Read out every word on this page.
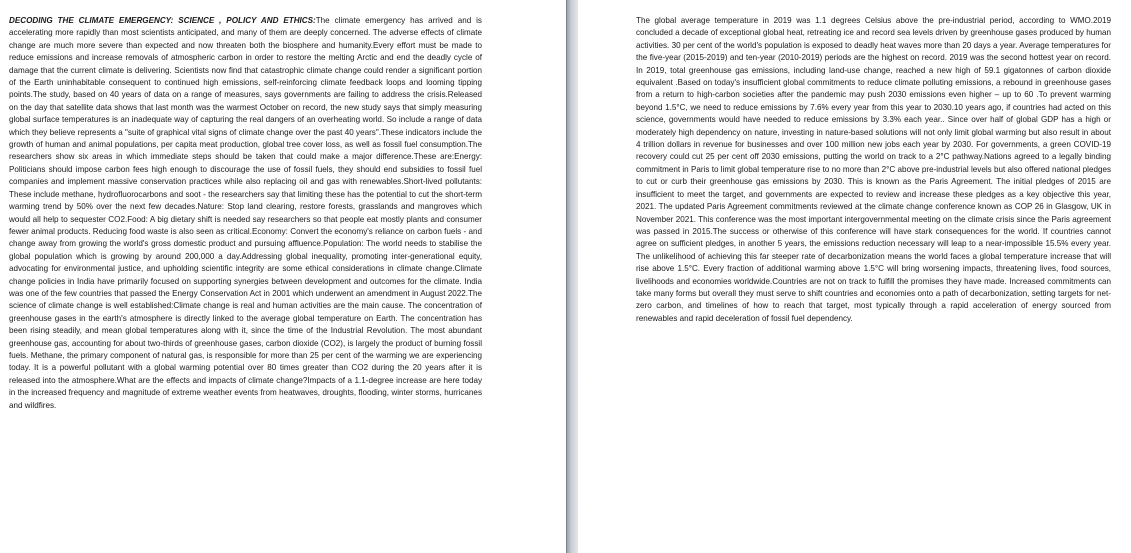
DECODING THE CLIMATE EMERGENCY: SCIENCE , POLICY AND ETHICS:The climate emergency has arrived and is accelerating more rapidly than most scientists anticipated, and many of them are deeply concerned. The adverse effects of climate change are much more severe than expected and now threaten both the biosphere and humanity.Every effort must be made to reduce emissions and increase removals of atmospheric carbon in order to restore the melting Arctic and end the deadly cycle of damage that the current climate is delivering. Scientists now find that catastrophic climate change could render a significant portion of the Earth uninhabitable consequent to continued high emissions, self-reinforcing climate feedback loops and looming tipping points.The study, based on 40 years of data on a range of measures, says governments are failing to address the crisis.Released on the day that satellite data shows that last month was the warmest October on record, the new study says that simply measuring global surface temperatures is an inadequate way of capturing the real dangers of an overheating world. So include a range of data which they believe represents a "suite of graphical vital signs of climate change over the past 40 years".These indicators include the growth of human and animal populations, per capita meat production, global tree cover loss, as well as fossil fuel consumption.The researchers show six areas in which immediate steps should be taken that could make a major difference.These are:Energy: Politicians should impose carbon fees high enough to discourage the use of fossil fuels, they should end subsidies to fossil fuel companies and implement massive conservation practices while also replacing oil and gas with renewables.Short-lived pollutants: These include methane, hydrofluorocarbons and soot - the researchers say that limiting these has the potential to cut the short-term warming trend by 50% over the next few decades.Nature: Stop land clearing, restore forests, grasslands and mangroves which would all help to sequester CO2.Food: A big dietary shift is needed say researchers so that people eat mostly plants and consumer fewer animal products. Reducing food waste is also seen as critical.Economy: Convert the economy's reliance on carbon fuels - and change away from growing the world's gross domestic product and pursuing affluence.Population: The world needs to stabilise the global population which is growing by around 200,000 a day.Addressing global inequality, promoting inter-generational equity, advocating for environmental justice, and upholding scientific integrity are some ethical considerations in climate change.Climate change policies in India have primarily focused on supporting synergies between development and outcomes for the climate. India was one of the few countries that passed the Energy Conservation Act in 2001 which underwent an amendment in August 2022.The science of climate change is well established:Climate change is real and human activities are the main cause. The concentration of greenhouse gases in the earth's atmosphere is directly linked to the average global temperature on Earth. The concentration has been rising steadily, and mean global temperatures along with it, since the time of the Industrial Revolution. The most abundant greenhouse gas, accounting for about two-thirds of greenhouse gases, carbon dioxide (CO2), is largely the product of burning fossil fuels. Methane, the primary component of natural gas, is responsible for more than 25 per cent of the warming we are experiencing today. It is a powerful pollutant with a global warming potential over 80 times greater than CO2 during the 20 years after it is released into the atmosphere.What are the effects and impacts of climate change?Impacts of a 1.1-degree increase are here today in the increased frequency and magnitude of extreme weather events from heatwaves, droughts, flooding, winter storms, hurricanes and wildfires.

The global average temperature in 2019 was 1.1 degrees Celsius above the pre-industrial period, according to WMO.2019 concluded a decade of exceptional global heat, retreating ice and record sea levels driven by greenhouse gases produced by human activities. 30 per cent of the world's population is exposed to deadly heat waves more than 20 days a year. Average temperatures for the five-year (2015-2019) and ten-year (2010-2019) periods are the highest on record. 2019 was the second hottest year on record. In 2019, total greenhouse gas emissions, including land-use change, reached a new high of 59.1 gigatonnes of carbon dioxide equivalent .Based on today's insufficient global commitments to reduce climate polluting emissions, a rebound in greenhouse gases from a return to high-carbon societies after the pandemic may push 2030 emissions even higher – up to 60 .To prevent warming beyond 1.5°C, we need to reduce emissions by 7.6% every year from this year to 2030.10 years ago, if countries had acted on this science, governments would have needed to reduce emissions by 3.3% each year.. Since over half of global GDP has a high or moderately high dependency on nature, investing in nature-based solutions will not only limit global warming but also result in about 4 trillion dollars in revenue for businesses and over 100 million new jobs each year by 2030. For governments, a green COVID-19 recovery could cut 25 per cent off 2030 emissions, putting the world on track to a 2°C pathway.Nations agreed to a legally binding commitment in Paris to limit global temperature rise to no more than 2°C above pre-industrial levels but also offered national pledges to cut or curb their greenhouse gas emissions by 2030. This is known as the Paris Agreement. The initial pledges of 2015 are insufficient to meet the target, and governments are expected to review and increase these pledges as a key objective this year, 2021. The updated Paris Agreement commitments reviewed at the climate change conference known as COP 26 in Glasgow, UK in November 2021. This conference was the most important intergovernmental meeting on the climate crisis since the Paris agreement was passed in 2015.The success or otherwise of this conference will have stark consequences for the world. If countries cannot agree on sufficient pledges, in another 5 years, the emissions reduction necessary will leap to a near-impossible 15.5% every year. The unlikelihood of achieving this far steeper rate of decarbonization means the world faces a global temperature increase that will rise above 1.5°C. Every fraction of additional warming above 1.5°C will bring worsening impacts, threatening lives, food sources, livelihoods and economies worldwide.Countries are not on track to fulfill the promises they have made. Increased commitments can take many forms but overall they must serve to shift countries and economies onto a path of decarbonization, setting targets for net-zero carbon, and timelines of how to reach that target, most typically through a rapid acceleration of energy sourced from renewables and rapid deceleration of fossil fuel dependency.
